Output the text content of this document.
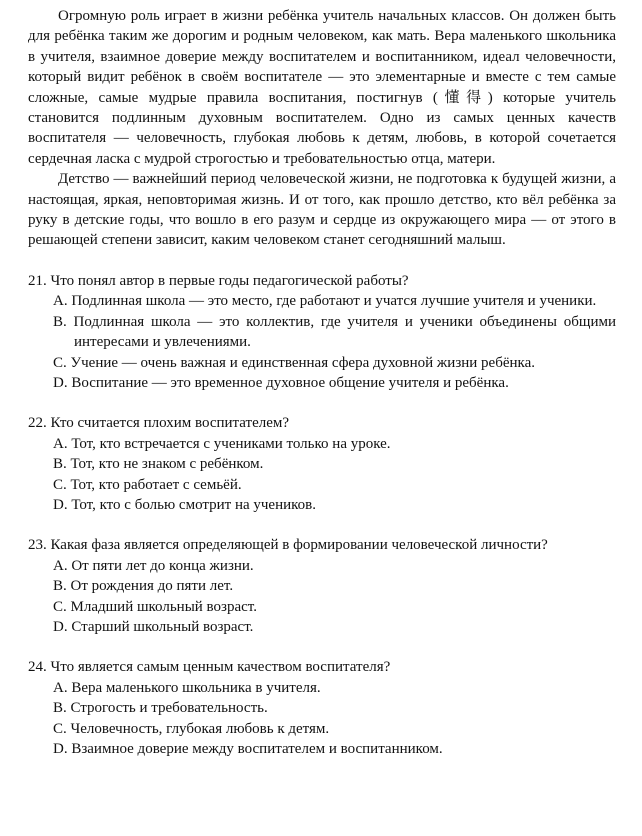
Огромную роль играет в жизни ребёнка учитель начальных классов. Он должен быть для ребёнка таким же дорогим и родным человеком, как мать. Вера маленького школьника в учителя, взаимное доверие между воспитателем и воспитанником, идеал человечности, который видит ребёнок в своём воспитателе — это элементарные и вместе с тем самые сложные, самые мудрые правила воспитания, постигнув (懂得) которые учитель становится подлинным духовным воспитателем. Одно из самых ценных качеств воспитателя — человечность, глубокая любовь к детям, любовь, в которой сочетается сердечная ласка с мудрой строгостью и требовательностью отца, матери.

Детство — важнейший период человеческой жизни, не подготовка к будущей жизни, а настоящая, яркая, неповторимая жизнь. И от того, как прошло детство, кто вёл ребёнка за руку в детские годы, что вошло в его разум и сердце из окружающего мира — от этого в решающей степени зависит, каким человеком станет сегодняшний малыш.

21. Что понял автор в первые годы педагогической работы?

A. Подлинная школа — это место, где работают и учатся лучшие учителя и ученики.

B. Подлинная школа — это коллектив, где учителя и ученики объединены общими интересами и увлечениями.

C. Учение — очень важная и единственная сфера духовной жизни ребёнка.

D. Воспитание — это временное духовное общение учителя и ребёнка.

22. Кто считается плохим воспитателем?

A. Тот, кто встречается с учениками только на уроке.

B. Тот, кто не знаком с ребёнком.

C. Тот, кто работает с семьёй.

D. Тот, кто с болью смотрит на учеников.

23. Какая фаза является определяющей в формировании человеческой личности?

A. От пяти лет до конца жизни.

B. От рождения до пяти лет.

C. Младший школьный возраст.

D. Старший школьный возраст.

24. Что является самым ценным качеством воспитателя?

A. Вера маленького школьника в учителя.

B. Строгость и требовательность.

C. Человечность, глубокая любовь к детям.

D. Взаимное доверие между воспитателем и воспитанником.
